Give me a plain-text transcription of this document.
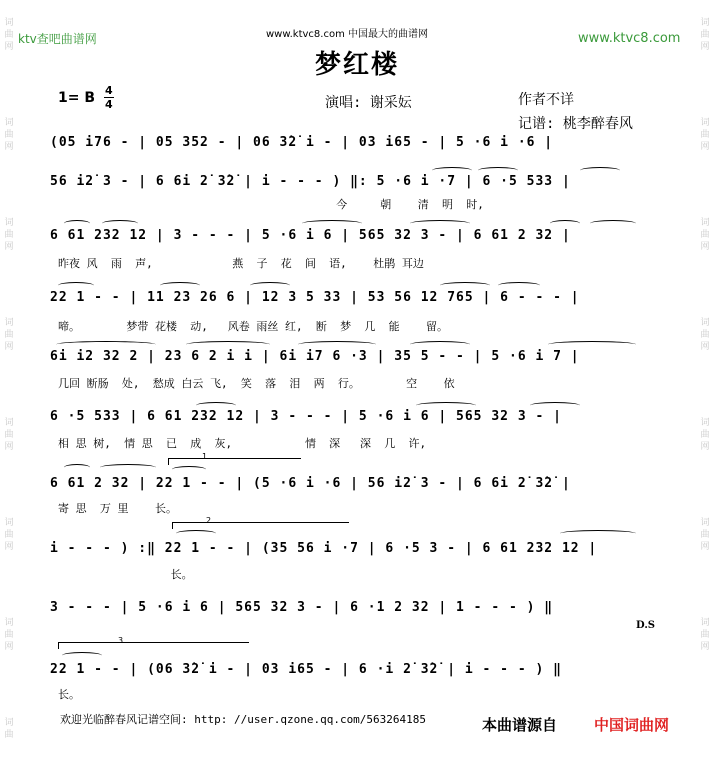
词
曲
网
词
曲
网
词
曲
网
词
曲
网
词
曲
网
词
曲
网
词
曲
网
词
曲
词
曲
网
词
曲
网
词
曲
网
词
曲
网
词
曲
网
词
曲
网
词
曲
网
ktv查吧曲谱网	www.ktvc8.com 中国最大的曲谱网	www.ktvc8.com
梦红楼
1= B 4
4	演唱: 谢采妘	作者不详
记谱: 桃李醉春风
(05 i76 - | 05 352 - | 06 3̇2̇ i - | 03 i65 - | 5 ·6 i ·6 |
56 i2̇ 3 - | 6 6i 2̇ 3̇2̇ | i - - - ) ‖: 5 ·6 i ·7 | 6 ·5 533 |
今     朝    清  明  时,
6 61 232 12 | 3 - - - | 5 ·6 i 6 | 565 32 3 - | 6 61 2 32 |
昨夜 风  雨  声,            燕  子  花  间  语,    杜鹃 耳边
22 1 - - | 11 23 26 6 | 12 3 5 33 | 53 56 12 765 | 6 - - - |
啼。       梦带 花楼  动,   风卷 雨丝 红,  断  梦  几  能    留。
6i i2 32 2 | 23 6 2 i i | 6i i7 6 ·3 | 35 5 - - | 5 ·6 i 7 |
几回 断肠  处,  愁成 白云 飞,  笑  落  泪  两  行。       空    依
6 ·5 533 | 6 61 232 12 | 3 - - - | 5 ·6 i 6 | 565 32 3 - |
相 思 树,  情 思  已  成  灰,           情  深   深  几  许,
1
6 61 2 32 | 22 1 - - | (5 ·6 i ·6 | 56 i2̇ 3 - | 6 6i 2̇ 3̇2̇ |
寄 思  万 里    长。
2
i - - - ) :‖ 22 1 - - | (35 56 i ·7 | 6 ·5 3 - | 6 61 232 12 |
长。
3 - - - | 5 ·6 i 6 | 565 32 3 - | 6 ·1 2 32 | 1 - - - ) ‖
D.S
3
22 1 - - | (06 3̇2̇ i - | 03 i65 - | 6 ·i 2̇ 3̇2̇ | i - - - ) ‖
长。
欢迎光临醉春风记谱空间: http: //user.qzone.qq.com/563264185	本曲谱源自 中国词曲网
